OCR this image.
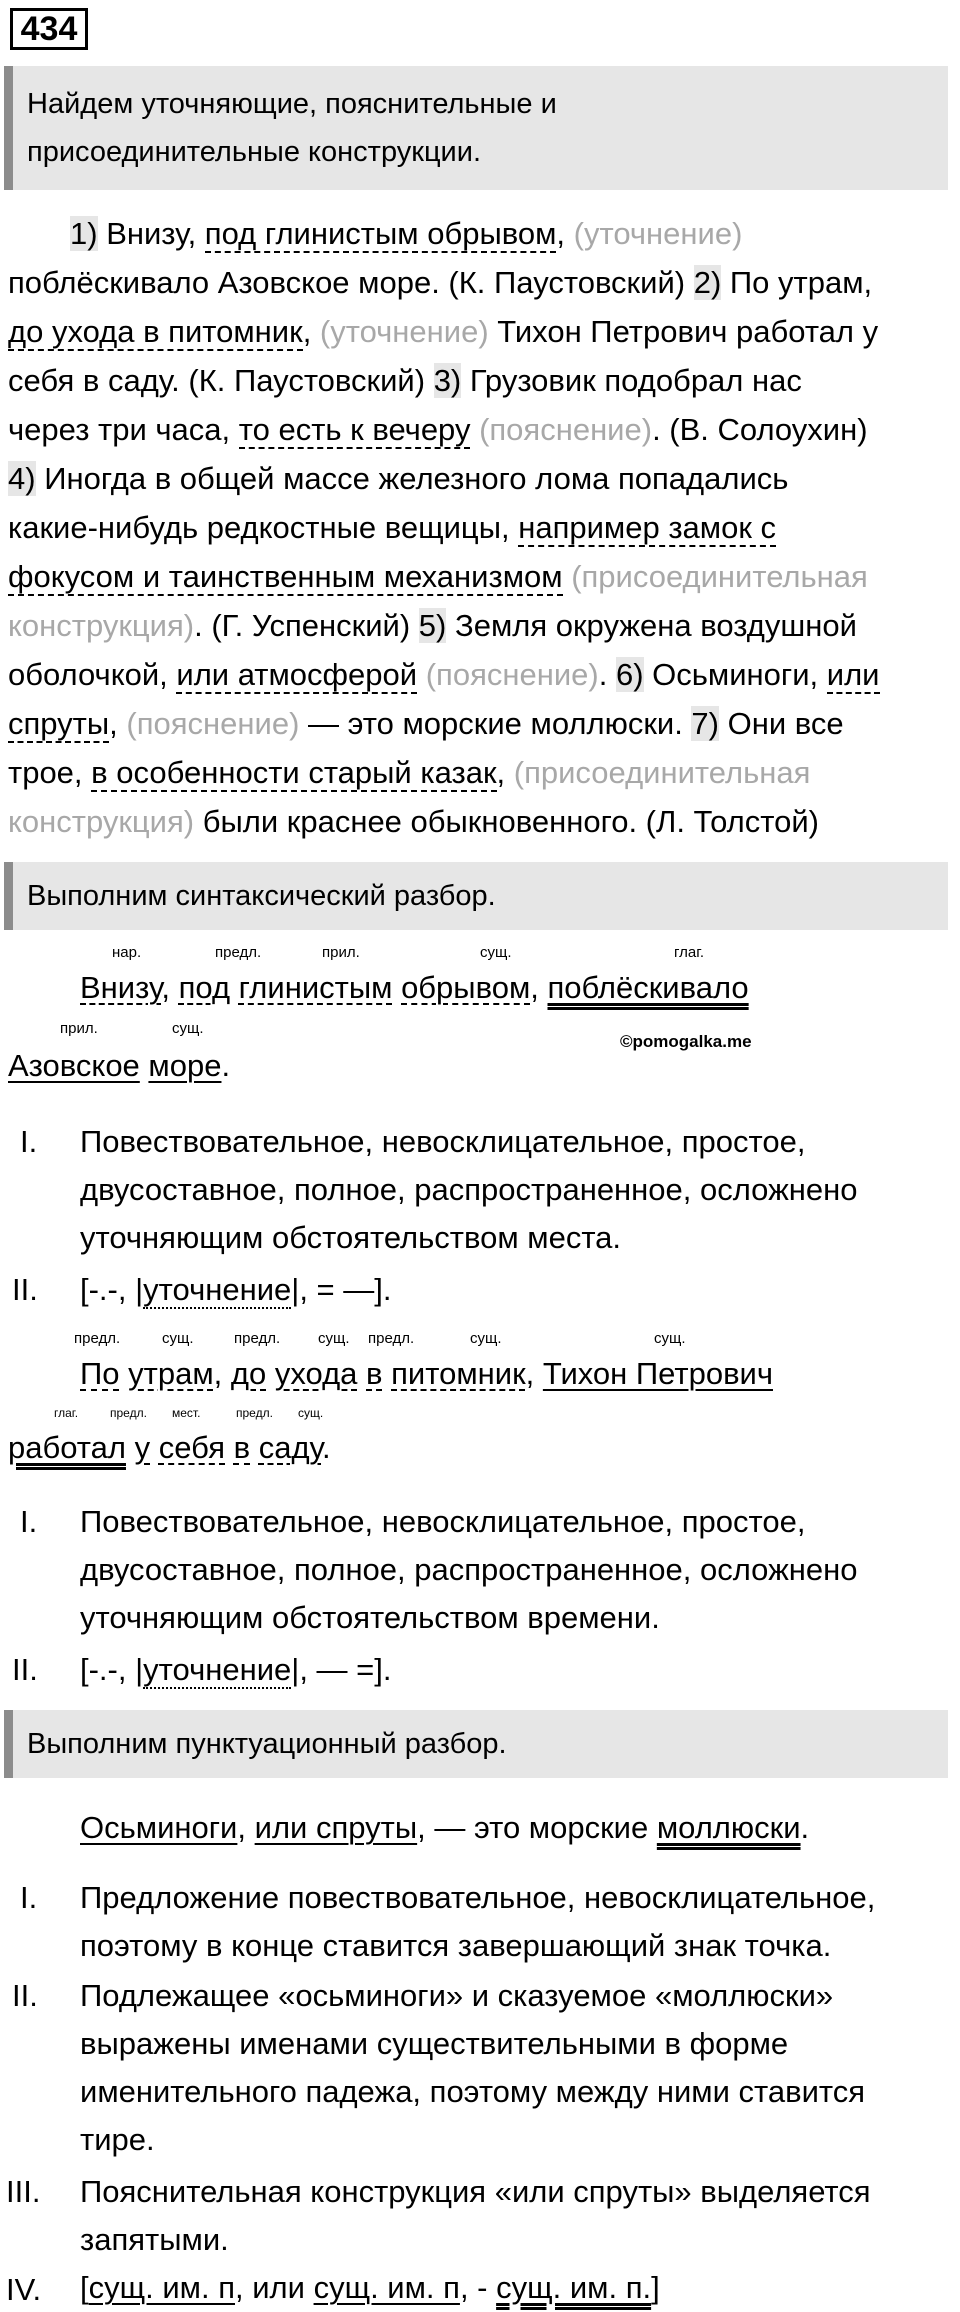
434
Найдем уточняющие, пояснительные и
присоединительные конструкции.
1) Внизу, под глинистым обрывом, (уточнение)
поблёскивало Азовское море. (К. Паустовский) 2) По утрам,
до ухода в питомник, (уточнение) Тихон Петрович работал у
себя в саду. (К. Паустовский) 3) Грузовик подобрал нас
через три часа, то есть к вечеру (пояснение). (В. Солоухин)
4) Иногда в общей массе железного лома попадались
какие-нибудь редкостные вещицы, например замок с
фокусом и таинственным механизмом (присоединительная
конструкция). (Г. Успенский) 5) Земля окружена воздушной
оболочкой, или атмосферой (пояснение). 6) Осьминоги, или
спруты, (пояснение) — это морские моллюски. 7) Они все
трое, в особенности старый казак, (присоединительная
конструкция) были краснее обыкновенного. (Л. Толстой)
Выполним синтаксический разбор.
нар.	предл.	прил.	сущ.	глаг.
Внизу, под глинистым обрывом, поблёскивало
прил.	сущ.
©pomogalka.me
Азовское море.
I. Повествовательное, невосклицательное, простое,
двусоставное, полное, распространенное, осложнено
уточняющим обстоятельством места.
II. [-.-, |уточнение|, = —].
предл.	сущ.	предл.	сущ. предл.	сущ.	сущ.
По утрам, до ухода в питомник, Тихон Петрович
глаг.	предл. мест.	предл. сущ.
работал у себя в саду.
I. Повествовательное, невосклицательное, простое,
двусоставное, полное, распространенное, осложнено
уточняющим обстоятельством времени.
II. [-.-, |уточнение|, — =].
Выполним пунктуационный разбор.
Осьминоги, или спруты, — это морские моллюски.
I. Предложение повествовательное, невосклицательное,
поэтому в конце ставится завершающий знак точка.
II. Подлежащее «осьминоги» и сказуемое «моллюски»
выражены именами существительными в форме
именительного падежа, поэтому между ними ставится
тире.
III. Пояснительная конструкция «или спруты» выделяется
запятыми.
IV. [сущ. им. п, или сущ. им. п, - сущ. им. п.]
